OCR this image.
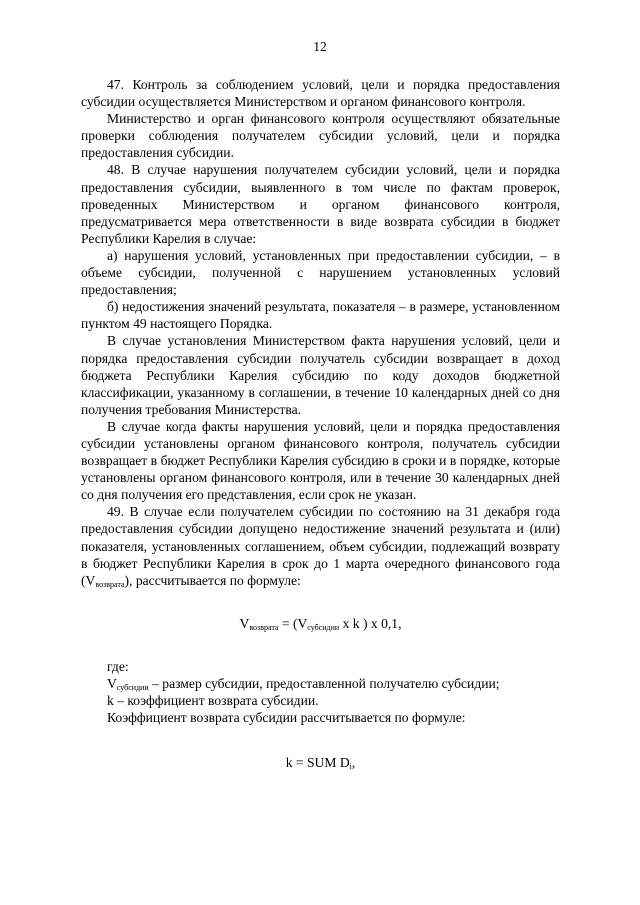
12

47. Контроль за соблюдением условий, цели и порядка предоставления субсидии осуществляется Министерством и органом финансового контроля.

Министерство и орган финансового контроля осуществляют обязательные проверки соблюдения получателем субсидии условий, цели и порядка предоставления субсидии.

48. В случае нарушения получателем субсидии условий, цели и порядка предоставления субсидии, выявленного в том числе по фактам проверок, проведенных Министерством и органом финансового контроля, предусматривается мера ответственности в виде возврата субсидии в бюджет Республики Карелия в случае:

а) нарушения условий, установленных при предоставлении субсидии, – в объеме субсидии, полученной с нарушением установленных условий предоставления;

б) недостижения значений результата, показателя – в размере, установленном пунктом 49 настоящего Порядка.

В случае установления Министерством факта нарушения условий, цели и порядка предоставления субсидии получатель субсидии возвращает в доход бюджета Республики Карелия субсидию по коду доходов бюджетной классификации, указанному в соглашении, в течение 10 календарных дней со дня получения требования Министерства.

В случае когда факты нарушения условий, цели и порядка предоставления субсидии установлены органом финансового контроля, получатель субсидии возвращает в бюджет Республики Карелия субсидию в сроки и в порядке, которые установлены органом финансового контроля, или в течение 30 календарных дней со дня получения его представления, если срок не указан.

49. В случае если получателем субсидии по состоянию на 31 декабря года предоставления субсидии допущено недостижение значений результата и (или) показателя, установленных соглашением, объем субсидии, подлежащий возврату в бюджет Республики Карелия в срок до 1 марта очередного финансового года $(V_{возврата})$, рассчитывается по формуле:

$V_{возврата} = (V_{субсидии}$ x k ) x 0,1,

где:

$V_{субсидии}$ – размер субсидии, предоставленной получателю субсидии;

k – коэффициент возврата субсидии.

Коэффициент возврата субсидии рассчитывается по формуле:

k = SUM $D_i$,
